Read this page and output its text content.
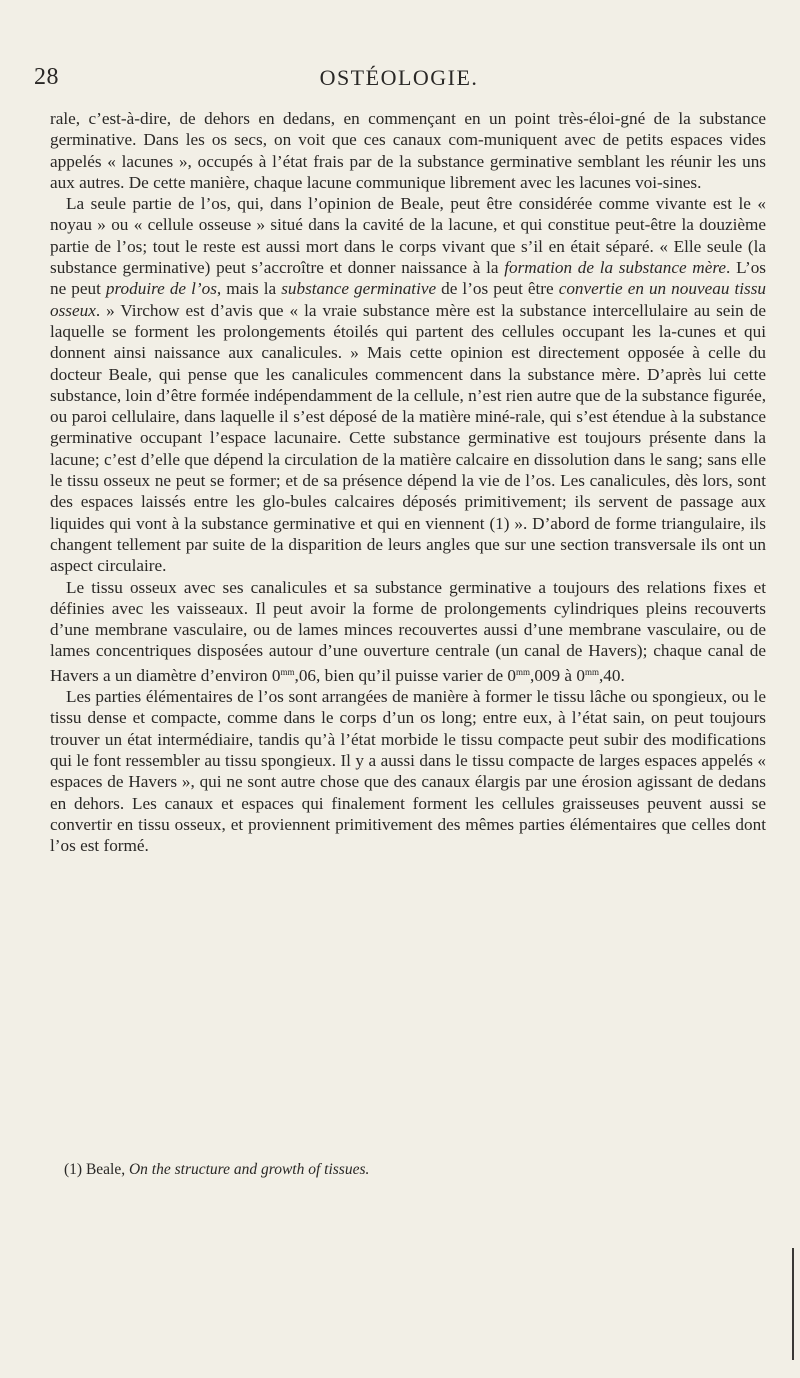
28	OSTÉOLOGIE.

rale, c’est-à-dire, de dehors en dedans, en commençant en un point très-éloi-gné de la substance germinative. Dans les os secs, on voit que ces canaux com-muniquent avec de petits espaces vides appelés « lacunes », occupés à l’état frais par de la substance germinative semblant les réunir les uns aux autres. De cette manière, chaque lacune communique librement avec les lacunes voi-sines.

La seule partie de l’os, qui, dans l’opinion de Beale, peut être considérée comme vivante est le « noyau » ou « cellule osseuse » situé dans la cavité de la lacune, et qui constitue peut-être la douzième partie de l’os; tout le reste est aussi mort dans le corps vivant que s’il en était séparé. « Elle seule (la substance germinative) peut s’accroître et donner naissance à la formation de la substance mère. L’os ne peut produire de l’os, mais la substance germinative de l’os peut être convertie en un nouveau tissu osseux. » Virchow est d’avis que « la vraie substance mère est la substance intercellulaire au sein de laquelle se forment les prolongements étoilés qui partent des cellules occupant les la-cunes et qui donnent ainsi naissance aux canalicules. » Mais cette opinion est directement opposée à celle du docteur Beale, qui pense que les canalicules commencent dans la substance mère. D’après lui cette substance, loin d’être formée indépendamment de la cellule, n’est rien autre que de la substance figurée, ou paroi cellulaire, dans laquelle il s’est déposé de la matière miné-rale, qui s’est étendue à la substance germinative occupant l’espace lacunaire. Cette substance germinative est toujours présente dans la lacune; c’est d’elle que dépend la circulation de la matière calcaire en dissolution dans le sang; sans elle le tissu osseux ne peut se former; et de sa présence dépend la vie de l’os. Les canalicules, dès lors, sont des espaces laissés entre les glo-bules calcaires déposés primitivement; ils servent de passage aux liquides qui vont à la substance germinative et qui en viennent (1) ». D’abord de forme triangulaire, ils changent tellement par suite de la disparition de leurs angles que sur une section transversale ils ont un aspect circulaire.

Le tissu osseux avec ses canalicules et sa substance germinative a toujours des relations fixes et définies avec les vaisseaux. Il peut avoir la forme de prolongements cylindriques pleins recouverts d’une membrane vasculaire, ou de lames minces recouvertes aussi d’une membrane vasculaire, ou de lames concentriques disposées autour d’une ouverture centrale (un canal de Havers); chaque canal de Havers a un diamètre d’environ $0^{mm},06$, bien qu’il puisse varier de $0^{mm},009$ à $0^{mm},40$.

Les parties élémentaires de l’os sont arrangées de manière à former le tissu lâche ou spongieux, ou le tissu dense et compacte, comme dans le corps d’un os long; entre eux, à l’état sain, on peut toujours trouver un état intermédiaire, tandis qu’à l’état morbide le tissu compacte peut subir des modifications qui le font ressembler au tissu spongieux. Il y a aussi dans le tissu compacte de larges espaces appelés « espaces de Havers », qui ne sont autre chose que des canaux élargis par une érosion agissant de dedans en dehors. Les canaux et espaces qui finalement forment les cellules graisseuses peuvent aussi se convertir en tissu osseux, et proviennent primitivement des mêmes parties élémentaires que celles dont l’os est formé.

(1) Beale, On the structure and growth of tissues.
